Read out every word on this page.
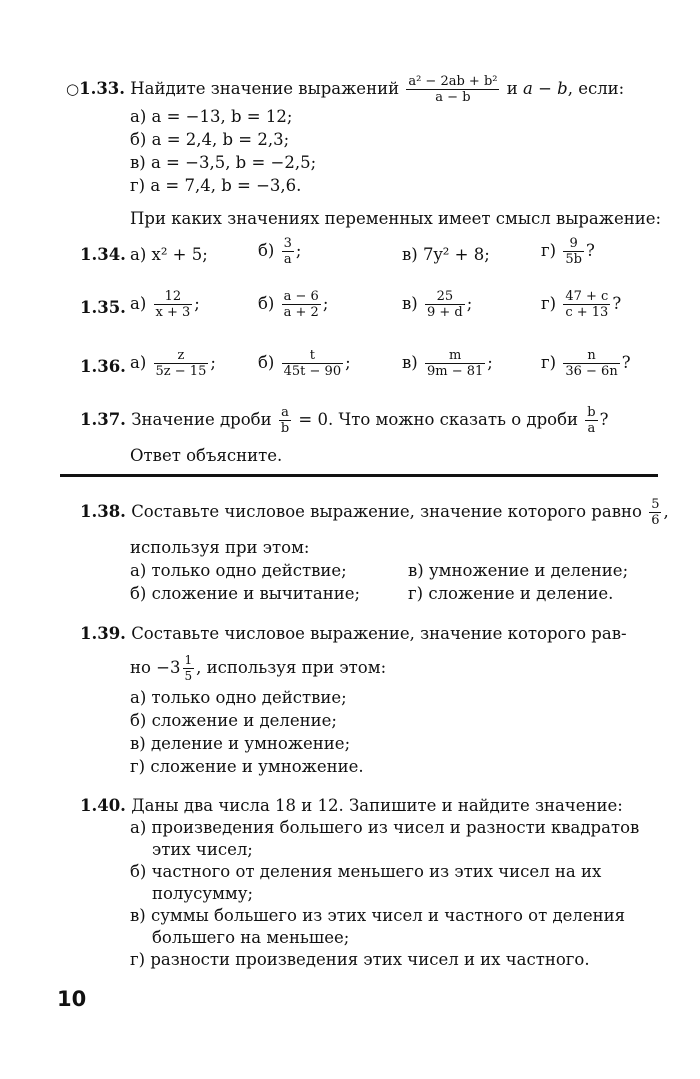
○1.33. Найдите значение выражений $\frac{\text{a² − 2ab + b²}}{a - b}$ и a − b, если:
а) a = −13, b = 12;
б) a = 2,4, b = 2,3;
в) a = −3,5, b = −2,5;
г) a = 7,4, b = −3,6.
При каких значениях переменных имеет смысл выражение:
1.34. а) x² + 5;	$б) \frac{3}{a}$ ;	в) 7y² + 8;	$г) \frac{9}{5b}$ ?
1.35. $а) \frac{12}{x + 3}$ ;	$б) \frac{a - 6}{a + 2}$ ;	$в) \frac{25}{9 + d}$ ;	$г) \frac{47 + c}{c + 13}$ ?
1.36. $а) \frac{z}{5z - 15}$ ;	$б) \frac{t}{45t - 90}$ ;	$в) \frac{m}{9m - 81}$ ;	$г) \frac{n}{36 - 6n}$ ?
1.37. Значение дроби $\frac{a}{b} = 0$. Что можно сказать о дроби $\frac{b}{a}$ ?
Ответ объясните.
1.38. Составьте числовое выражение, значение которого равно $\frac{5}{6}$ ,
используя при этом:
а) только одно действие;	в) умножение и деление;
б) сложение и вычитание;	г) сложение и деление.
1.39. Составьте числовое выражение, значение которого рав-
но $-3 \frac{1}{5}$ , используя при этом:
а) только одно действие;
б) сложение и деление;
в) деление и умножение;
г) сложение и умножение.
1.40. Даны два числа 18 и 12. Запишите и найдите значение:
а) произведения большего из чисел и разности квадратов
этих чисел;
б) частного от деления меньшего из этих чисел на их
полусумму;
в) суммы большего из этих чисел и частного от деления
большего на меньшее;
г) разности произведения этих чисел и их частного.
10
